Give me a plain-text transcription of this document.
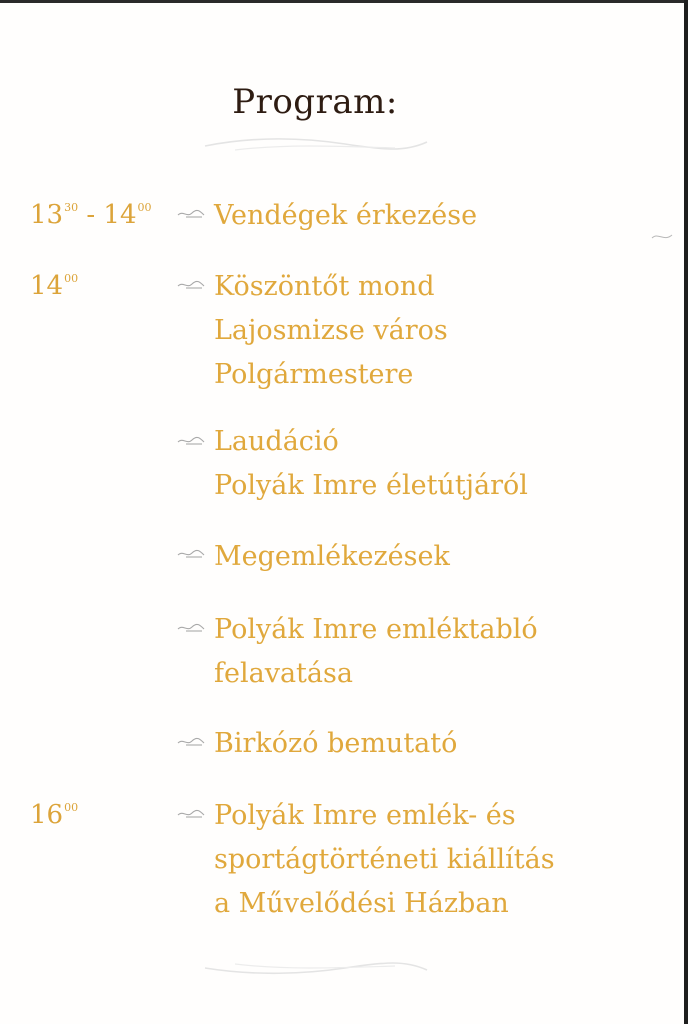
Program:
$13^{30} - 14^{00}$
$14^{00}$
$16^{00}$
Vendégek érkezése
Köszöntőt mond
Lajosmizse város
Polgármestere
Laudáció
Polyák Imre életútjáról
Megemlékezések
Polyák Imre emléktabló
felavatása
Birkózó bemutató
Polyák Imre emlék- és
sportágtörténeti kiállítás
a Művelődési Házban
